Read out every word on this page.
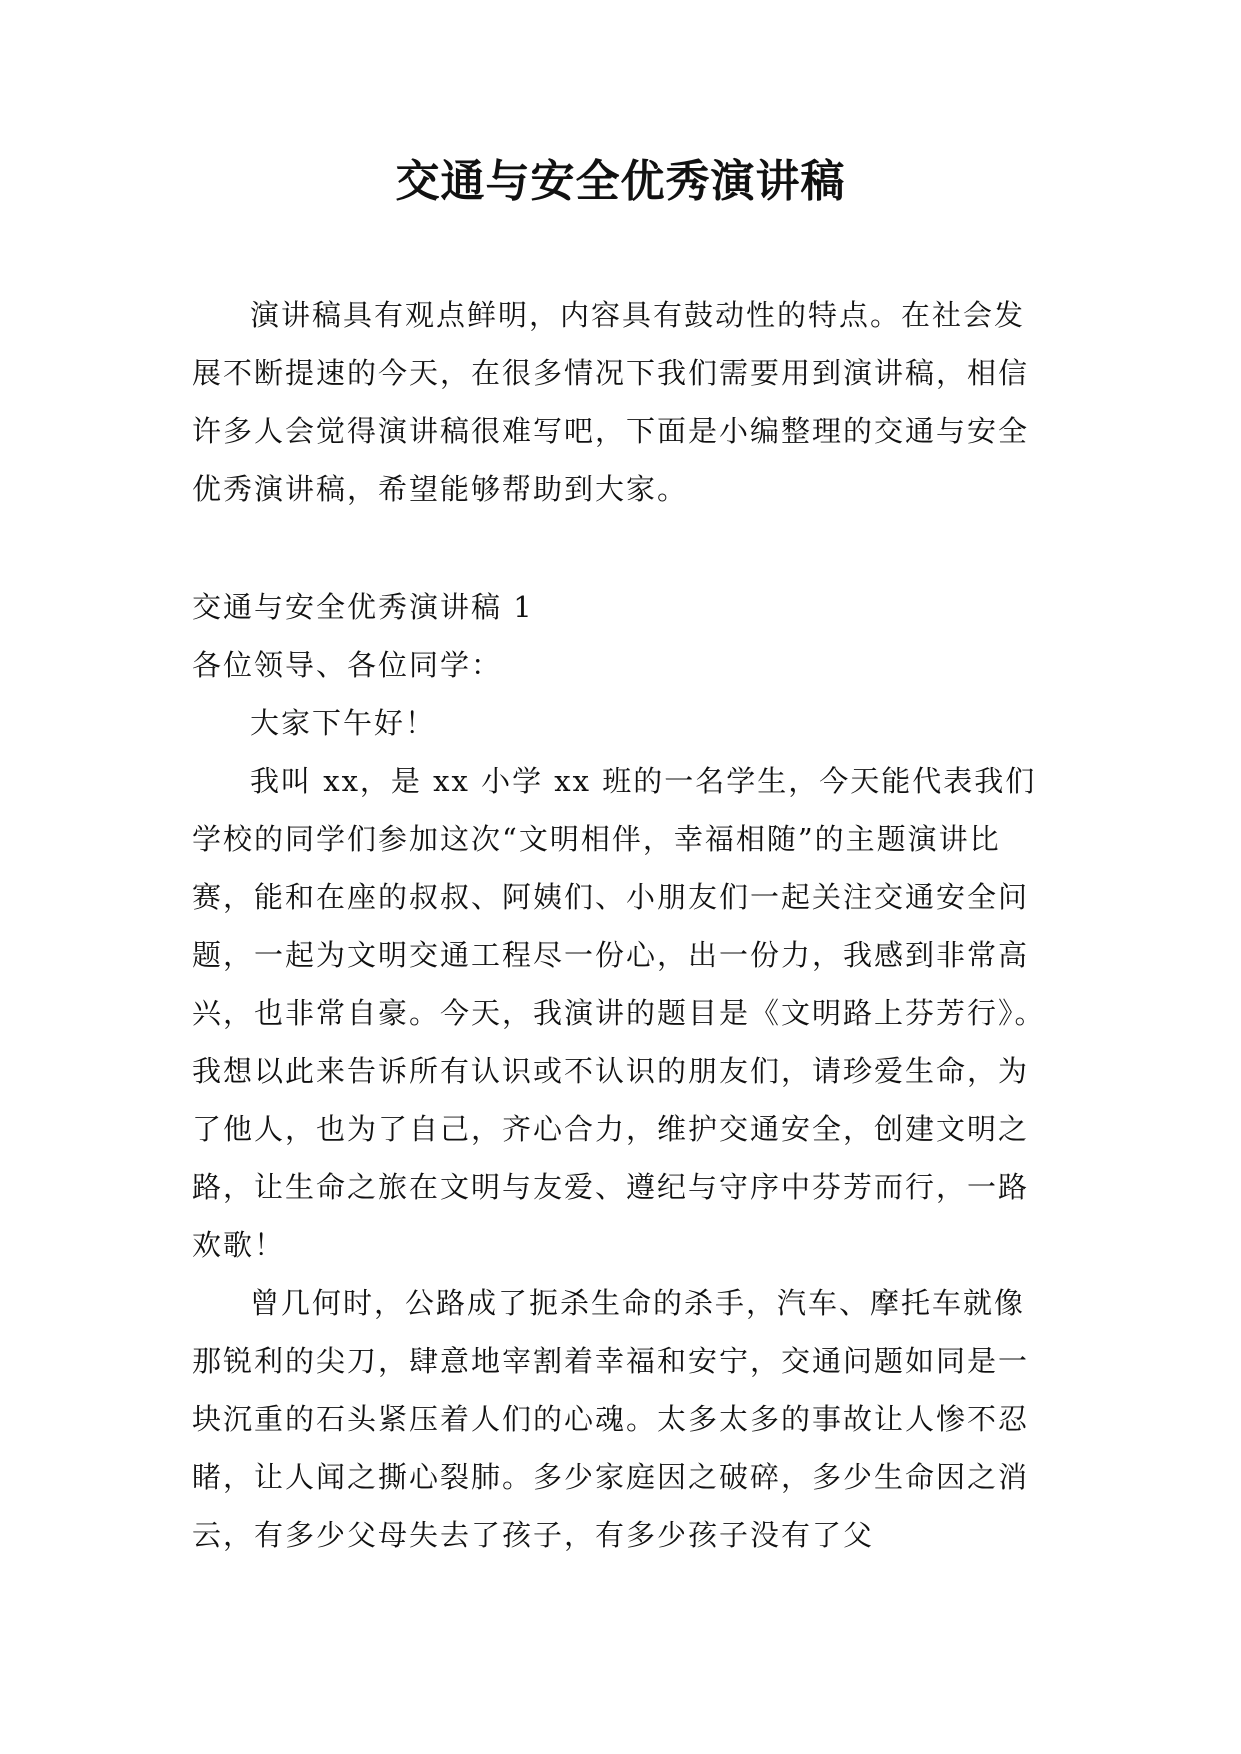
交通与安全优秀演讲稿

演讲稿具有观点鲜明，内容具有鼓动性的特点。在社会发展不断提速的今天，在很多情况下我们需要用到演讲稿，相信许多人会觉得演讲稿很难写吧，下面是小编整理的交通与安全优秀演讲稿，希望能够帮助到大家。

交通与安全优秀演讲稿 1

各位领导、各位同学：

大家下午好！

我叫 xx，是 xx 小学 xx 班的一名学生，今天能代表我们学校的同学们参加这次“文明相伴，幸福相随”的主题演讲比赛，能和在座的叔叔、阿姨们、小朋友们一起关注交通安全问题，一起为文明交通工程尽一份心，出一份力，我感到非常高兴，也非常自豪。今天，我演讲的题目是《文明路上芬芳行》。我想以此来告诉所有认识或不认识的朋友们，请珍爱生命，为了他人，也为了自己，齐心合力，维护交通安全，创建文明之路，让生命之旅在文明与友爱、遵纪与守序中芬芳而行，一路欢歌！

曾几何时，公路成了扼杀生命的杀手，汽车、摩托车就像那锐利的尖刀，肆意地宰割着幸福和安宁，交通问题如同是一块沉重的石头紧压着人们的心魂。太多太多的事故让人惨不忍睹，让人闻之撕心裂肺。多少家庭因之破碎，多少生命因之消云，有多少父母失去了孩子，有多少孩子没有了父
